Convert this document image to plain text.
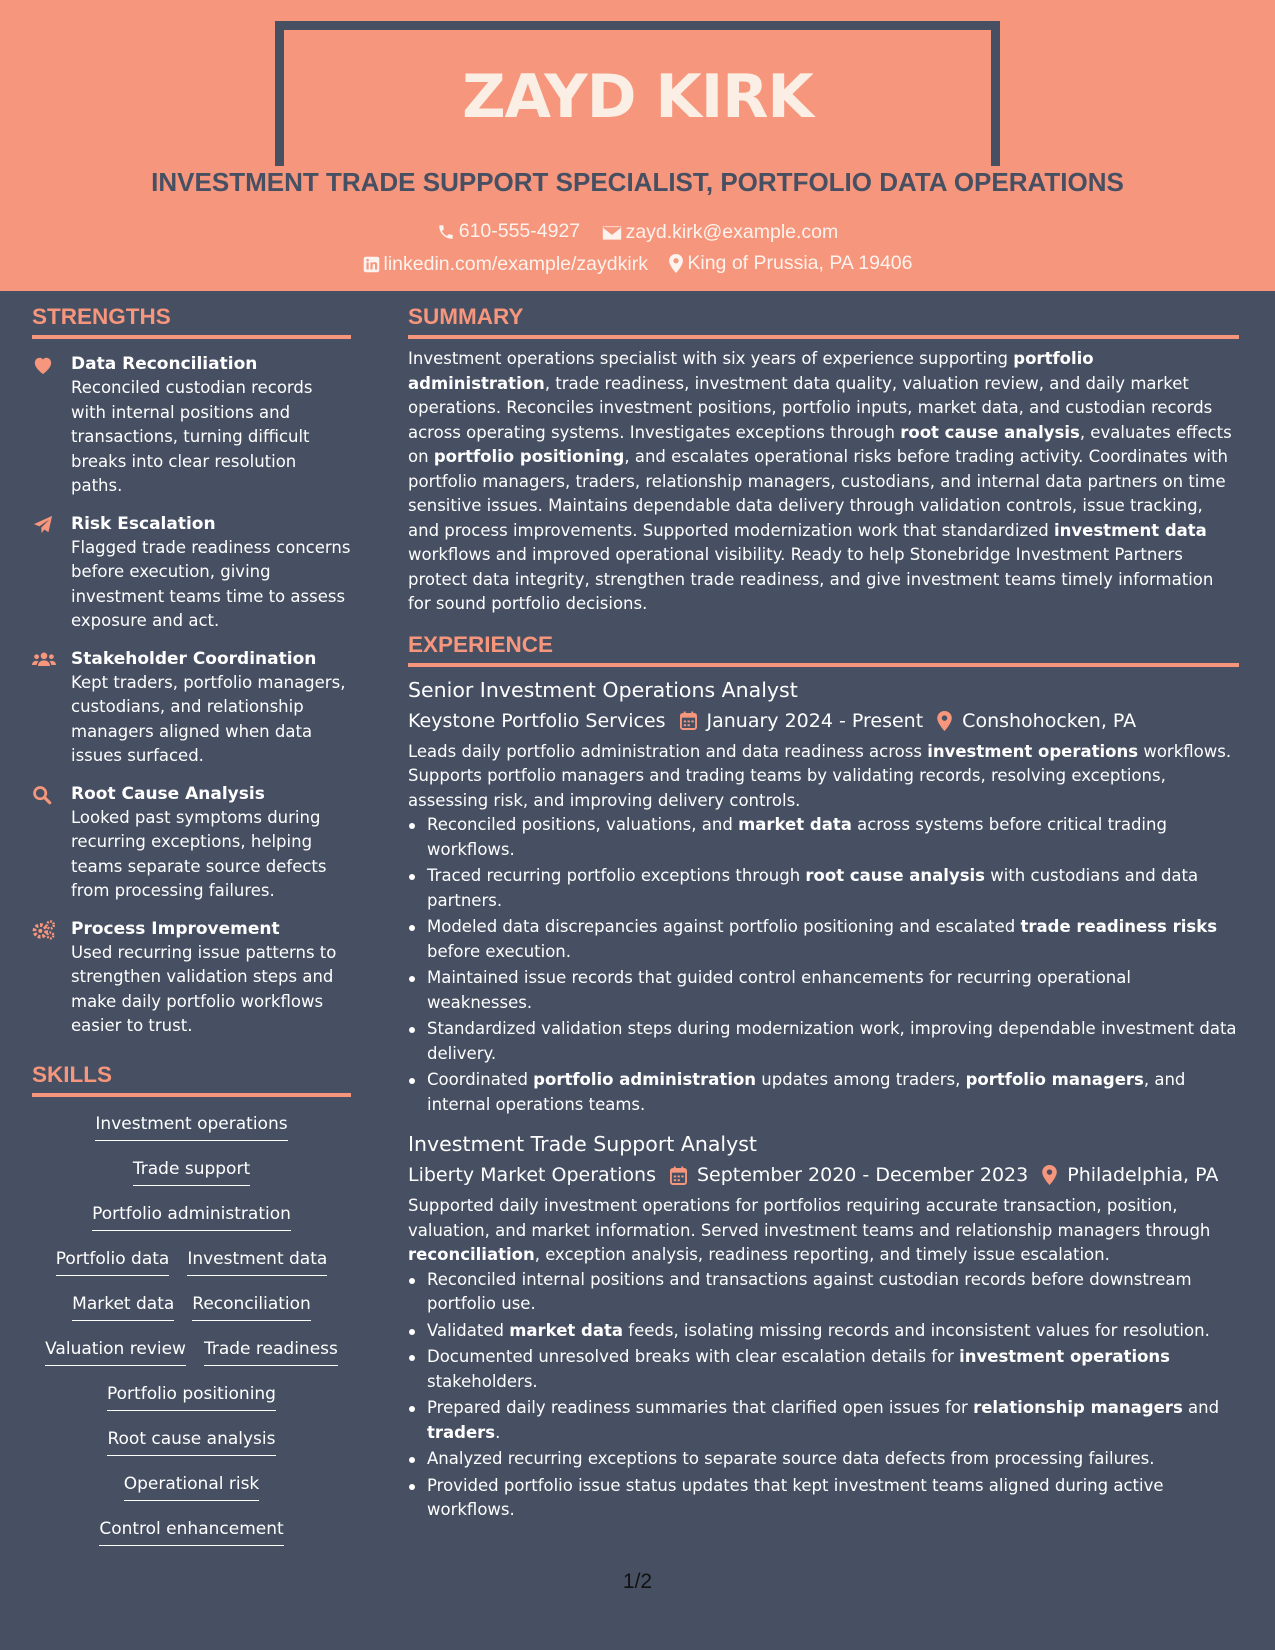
ZAYD KIRK
INVESTMENT TRADE SUPPORT SPECIALIST, PORTFOLIO DATA OPERATIONS
610-555-4927
zayd.kirk@example.com
linkedin.com/example/zaydkirk
King of Prussia, PA 19406
STRENGTHS
Data Reconciliation
Reconciled custodian records with internal positions and transactions, turning difficult breaks into clear resolution paths.
Risk Escalation
Flagged trade readiness concerns before execution, giving investment teams time to assess exposure and act.
Stakeholder Coordination
Kept traders, portfolio managers, custodians, and relationship managers aligned when data issues surfaced.
Root Cause Analysis
Looked past symptoms during recurring exceptions, helping teams separate source defects from processing failures.
Process Improvement
Used recurring issue patterns to strengthen validation steps and make daily portfolio workflows easier to trust.
SKILLS
Investment operations
Trade support
Portfolio administration
Portfolio data Investment data
Market data Reconciliation
Valuation review Trade readiness
Portfolio positioning
Root cause analysis
Operational risk
Control enhancement
SUMMARY

Investment operations specialist with six years of experience supporting portfolio administration, trade readiness, investment data quality, valuation review, and daily market operations. Reconciles investment positions, portfolio inputs, market data, and custodian records across operating systems. Investigates exceptions through root cause analysis, evaluates effects on portfolio positioning, and escalates operational risks before trading activity. Coordinates with portfolio managers, traders, relationship managers, custodians, and internal data partners on time sensitive issues. Maintains dependable data delivery through validation controls, issue tracking, and process improvements. Supported modernization work that standardized investment data workflows and improved operational visibility. Ready to help Stonebridge Investment Partners protect data integrity, strengthen trade readiness, and give investment teams timely information for sound portfolio decisions.

EXPERIENCE
Senior Investment Operations Analyst
Keystone Portfolio Services	January 2024 - Present	Conshohocken, PA

Leads daily portfolio administration and data readiness across investment operations workflows. Supports portfolio managers and trading teams by validating records, resolving exceptions, assessing risk, and improving delivery controls.

Reconciled positions, valuations, and market data across systems before critical trading workflows.
Traced recurring portfolio exceptions through root cause analysis with custodians and data partners.
Modeled data discrepancies against portfolio positioning and escalated trade readiness risks before execution.
Maintained issue records that guided control enhancements for recurring operational weaknesses.
Standardized validation steps during modernization work, improving dependable investment data delivery.
Coordinated portfolio administration updates among traders, portfolio managers, and internal operations teams.
Investment Trade Support Analyst
Liberty Market Operations	September 2020 - December 2023	Philadelphia, PA

Supported daily investment operations for portfolios requiring accurate transaction, position, valuation, and market information. Served investment teams and relationship managers through reconciliation, exception analysis, readiness reporting, and timely issue escalation.

Reconciled internal positions and transactions against custodian records before downstream portfolio use.
Validated market data feeds, isolating missing records and inconsistent values for resolution.
Documented unresolved breaks with clear escalation details for investment operations stakeholders.
Prepared daily readiness summaries that clarified open issues for relationship managers and traders.
Analyzed recurring exceptions to separate source data defects from processing failures.
Provided portfolio issue status updates that kept investment teams aligned during active workflows.
1/2
